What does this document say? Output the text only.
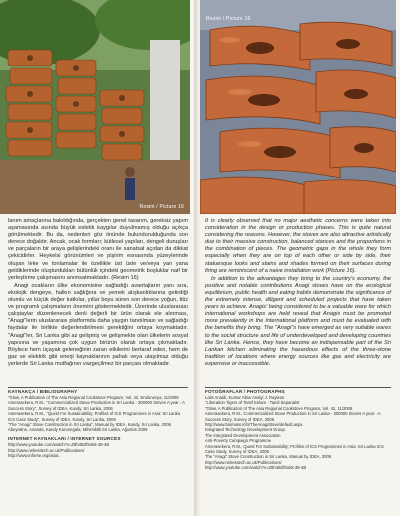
Resim / Picture 16
Resim / Picture 16

lanım amaçlarına bakıldığında, gerçekten genel tasarım, gereksiz yapım aşamasında asında büyük estetik kaygılar duyulmamış olduğu açıkça görülmektedir. Bu da, nedenleri göz önünde bulundurulduğunda son derece doğaldır. Ancak, ocak formları; kütlesel yapıları, dengeli duruşları ve parçaların bir araya gelişlerindeki oranı ile sanatsal açıdan da dikkat çekicidirler. Heykelsi görünümleri ve pişirim esnasında yüzeylerinde oluşan leke ve tonlamalar ile özellikle üst üste ve/veya yan yana geldiklerinde oluşturdukları bütünlük içindeki geometrik boşluklar naif bir yerleştirme çalışmasını anımsatmaktadır. (Resim 16)

Anagi ocakların ülke ekonomisine sağladığı avantajların yanı sıra, ekolojik dengeye, halkın sağlığına ve yemek alışkanlıklarına getirdiği olumlu ve küçük değer katkılar, yıllar boyu süren son derece yoğun, titiz ve programlı çalışmaların önemini göstermektedir. Üzerinde uluslararası çalıştaylar düzenlenecek denli değerli bir ürün olarak ele alınması, "Anagi"lerin uluslararası platformda daha yaygın tanıtılması ve sağladığı faydalar ile birlikte değerlendirilmesi gerektiğini ortaya koymaktadır. "Anagi"ler, Sri Lanka gibi az gelişmiş ve gelişmekte olan ülkelerin sosyal yapısına ve yaşamına çok uygun birürün olarak ortaya çıkmaktadır. Böylece hem üçayak geleneğinin zararı etkilerini bertaraf eden, hem de gaz ve elektrik gibi enerji kaynaklarının pahalı veya ulaşılmaz olduğu yerlerde Sri Lanka mutfağının vazgeçilmez bir parçası olmaktadır.

It is clearly observed that no major aesthetic concerns were taken into consideration in the design or production phases. This is quite natural considering the reasons. However, the stoves are also attractive artistically due to their massive construction, balanced stances and the proportions in the combination of pieces. The geometric gaps in the whole they form especially when they are on top of each other or side by side, their statuesque looks and stains and shades formed on their surfaces during firing are reminiscent of a naive installation work (Picture 16).

In addition to the advantages they bring to the country's economy, the positive and notable contributions Anagi stoves have on the ecological equilibrium, public health and eating habits demonstrate the significance of the extremely intense, diligent and scheduled projects that have taken years to achieve. Anagis' being considered to be a valuable ware for which international workshops are held reveal that Anagis must be promoted more prevalently in the international platform and must be evaluated with the benefits they bring. The "Anagi"s have emerged as very suitable wares to the social structure and life of underdeveloped and developing countries like Sri Lanka. Hence, they have become an indispensable part of the Sri Lankan kitchen eliminating the hazardous effects of the three-stone tradition of locations where energy sources like gas and electricity are expensive or inaccessible.

KAYNAKÇA / BIBLIOGRAPHY

"Glow, A Publication of The Asia Regional Cookstove Program, Vol. 42, Endonezya, 11/2008

Amerasekera, R.M., "Commercialized Stove Production in Sri Lanka - 300000 Stoves A year - A Success Story", Survey of IDEA, Kandy, Sri Lanka, 2006

Amerasekera, R.M., "Quest For Sustainability; Profiles of ICS Programmes in Asia: Sri Lanka ICS Case Study", Survey of IDEA, Kandy, Sri Lanka, 2006

"The "Anagi" Stove Construction in Sri Lanka", Manual by IDEA, Kandy, Sri Lanka, 2006

Abeyratne, Ananda, Kandy Kurunegala, Mihimikitli Sri Lanka, Ağustos 2009

INTERNET KAYNAKLARI / INTERNET SOURCES

http://www.youtube.com/watch?v=Z8h4B2fSokk-36-4B

http://www.rwhesitech.ac.uk/Publications/

http://www.inforse.org/asia/..

FOTOĞRAFLAR / PHOTOGRAPHS

Lalis Analdi, Kumar Allan Analyi J. Rayleon

"Liberation Tigers of Tamil Eelam - Tamil Separatist

"Glow, A Publication of The Asia Regional Cookstove Program, Vol. 42, 11/2008

Amerasekera, R.M., Commercialized Stove Production in Sri Lanka - 300000 Stoves A year - A Success Story, Survey of IDEA, 2006

http://www.biomass.info/TheAnagiStove/default.aspx

Integrated Technology Development Group

The Integrated Development Association

Anti-Poverty Campaign Programme

Amerasekera, R.M., Quest For Sustainability; Profiles of ICS Programmes in Asia: Sri Lanka ICS Case Study, Survey of IDEA, 2006

The "Anagi" Stove Construction in Sri Lanka, Manual by IDEA, 2006

http://www.rwhesitech.ac.uk/Publications/

http://www.youtube.com/watch?v=Z8h4B2fSokk-36-4B
